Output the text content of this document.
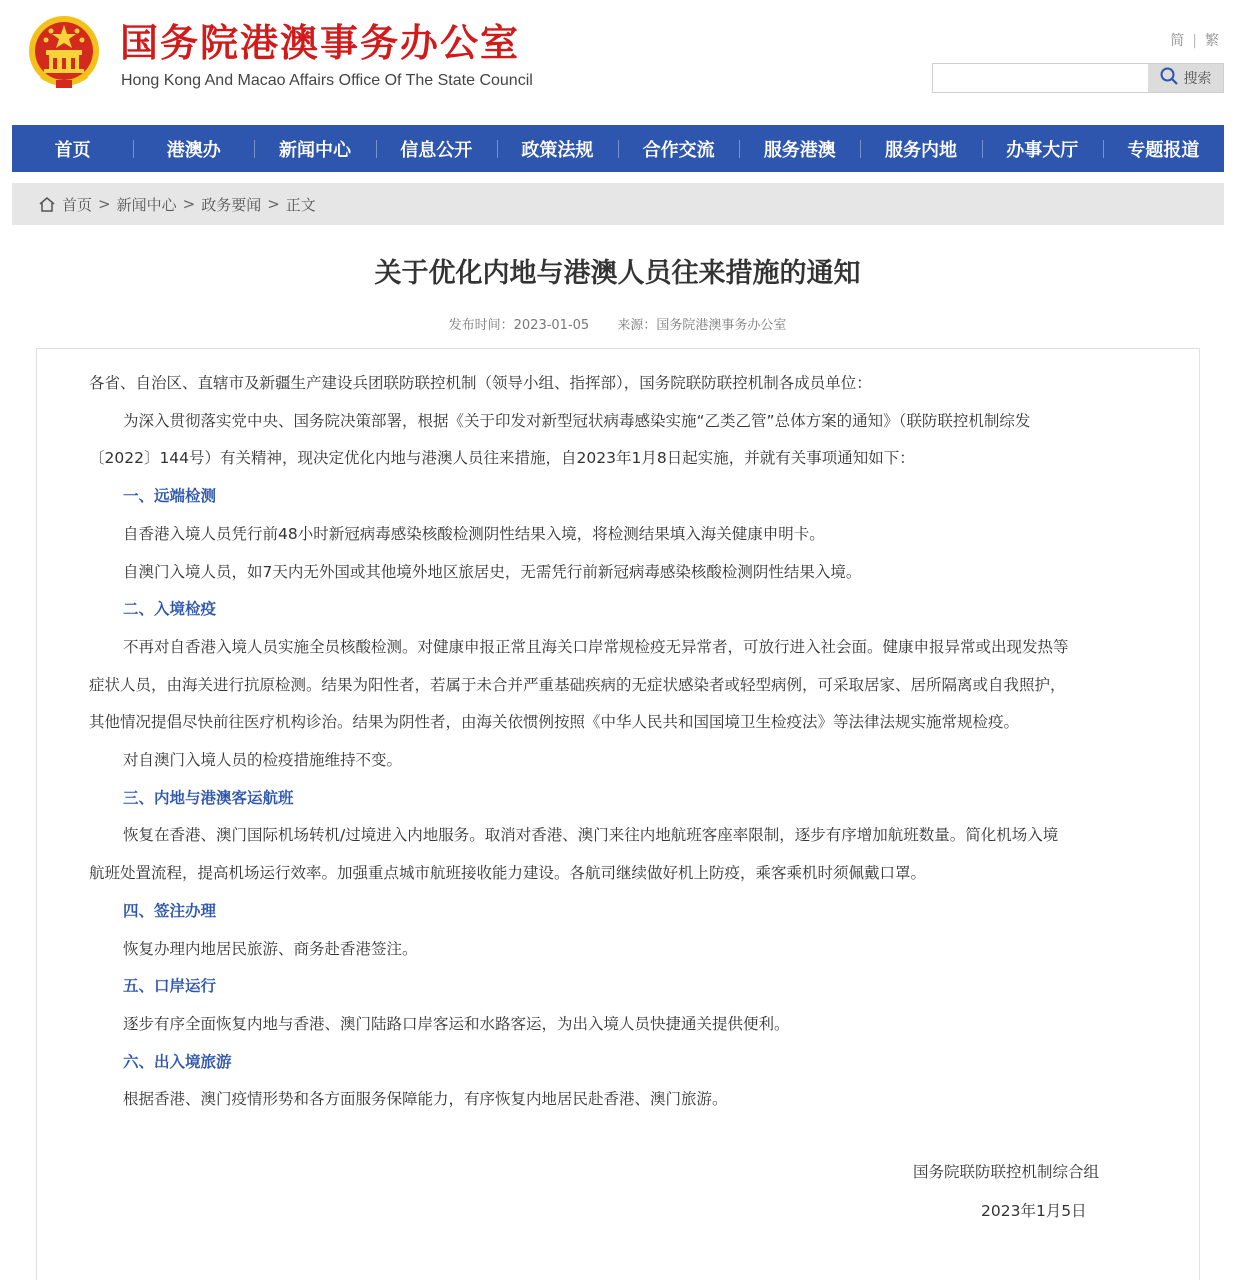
国务院港澳事务办公室
Hong Kong And Macao Affairs Office Of The State Council
简 | 繁
搜索
首页	港澳办	新闻中心	信息公开	政策法规	合作交流	服务港澳	服务内地	办事大厅	专题报道
首页 > 新闻中心 > 政务要闻 > 正文
关于优化内地与港澳人员往来措施的通知
发布时间：2023-01-05 来源：国务院港澳事务办公室

各省、自治区、直辖市及新疆生产建设兵团联防联控机制（领导小组、指挥部），国务院联防联控机制各成员单位：

为深入贯彻落实党中央、国务院决策部署，根据《关于印发对新型冠状病毒感染实施“乙类乙管”总体方案的通知》（联防联控机制综发

〔2022〕144号）有关精神，现决定优化内地与港澳人员往来措施，自2023年1月8日起实施，并就有关事项通知如下：

一、远端检测

自香港入境人员凭行前48小时新冠病毒感染核酸检测阴性结果入境，将检测结果填入海关健康申明卡。

自澳门入境人员，如7天内无外国或其他境外地区旅居史，无需凭行前新冠病毒感染核酸检测阴性结果入境。

二、入境检疫

不再对自香港入境人员实施全员核酸检测。对健康申报正常且海关口岸常规检疫无异常者，可放行进入社会面。健康申报异常或出现发热等

症状人员，由海关进行抗原检测。结果为阳性者，若属于未合并严重基础疾病的无症状感染者或轻型病例，可采取居家、居所隔离或自我照护，

其他情况提倡尽快前往医疗机构诊治。结果为阴性者，由海关依惯例按照《中华人民共和国国境卫生检疫法》等法律法规实施常规检疫。

对自澳门入境人员的检疫措施维持不变。

三、内地与港澳客运航班

恢复在香港、澳门国际机场转机/过境进入内地服务。取消对香港、澳门来往内地航班客座率限制，逐步有序增加航班数量。简化机场入境

航班处置流程，提高机场运行效率。加强重点城市航班接收能力建设。各航司继续做好机上防疫，乘客乘机时须佩戴口罩。

四、签注办理

恢复办理内地居民旅游、商务赴香港签注。

五、口岸运行

逐步有序全面恢复内地与香港、澳门陆路口岸客运和水路客运，为出入境人员快捷通关提供便利。

六、出入境旅游

根据香港、澳门疫情形势和各方面服务保障能力，有序恢复内地居民赴香港、澳门旅游。

国务院联防联控机制综合组
2023年1月5日
